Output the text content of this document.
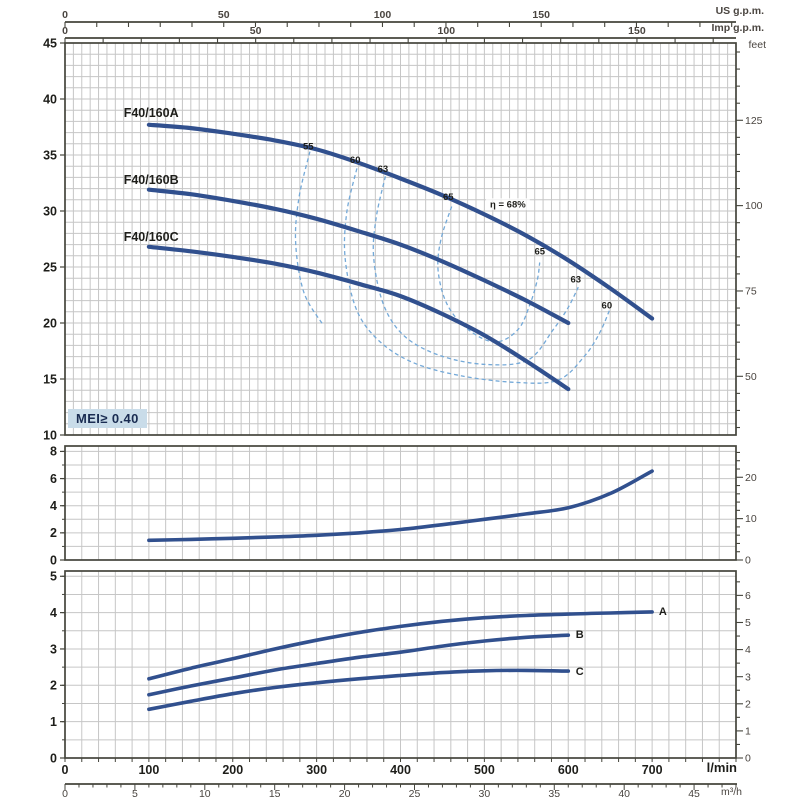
0	50	100	150
0	50	100	150
F40/160A
F40/160B
F40/160C
55
60
63
65
η = 68%
65
63
60
45
40
35
30
25
20
15
10
50
75
100
125
8
6
4
2
0	0
10
20
A
B
C
5
4
3
2
1
0	0
1
2
3
4
5
6
0	100	200	300	400	500	600	700
0	5	10	15	20	25	30	35	40	45
US g.p.m.
Imp g.p.m.
feet
l/min
m³/h
MEI≥ 0.40
